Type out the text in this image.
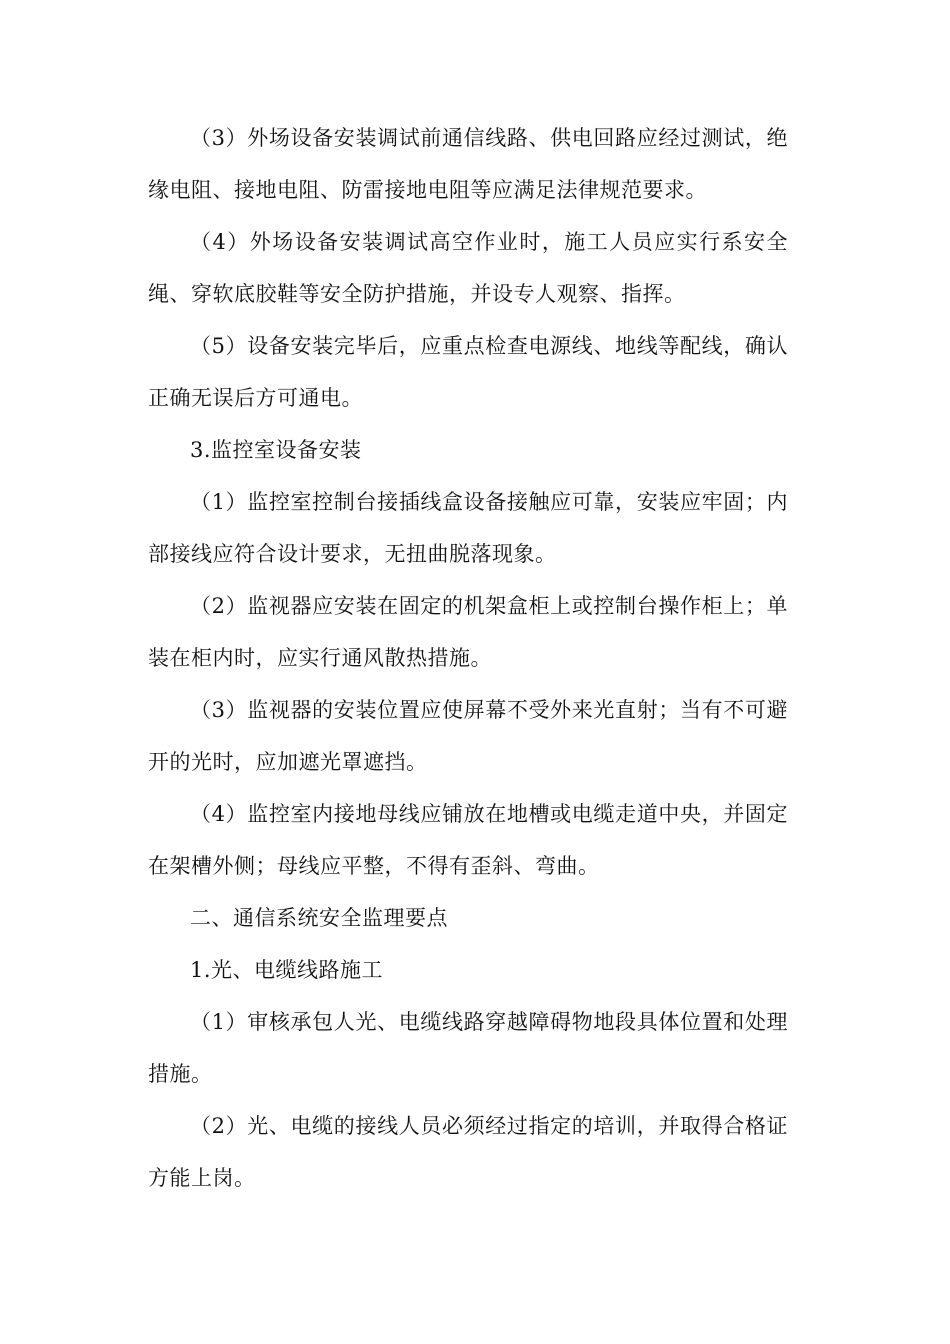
（3）外场设备安装调试前通信线路、供电回路应经过测试，绝缘电阻、接地电阻、防雷接地电阻等应满足法律规范要求。

（4）外场设备安装调试高空作业时，施工人员应实行系安全绳、穿软底胶鞋等安全防护措施，并设专人观察、指挥。

（5）设备安装完毕后，应重点检查电源线、地线等配线，确认正确无误后方可通电。

3.监控室设备安装

（1）监控室控制台接插线盒设备接触应可靠，安装应牢固；内部接线应符合设计要求，无扭曲脱落现象。

（2）监视器应安装在固定的机架盒柜上或控制台操作柜上；单装在柜内时，应实行通风散热措施。

（3）监视器的安装位置应使屏幕不受外来光直射；当有不可避开的光时，应加遮光罩遮挡。

（4）监控室内接地母线应铺放在地槽或电缆走道中央，并固定在架槽外侧；母线应平整，不得有歪斜、弯曲。

二、通信系统安全监理要点

1.光、电缆线路施工

（1）审核承包人光、电缆线路穿越障碍物地段具体位置和处理措施。

（2）光、电缆的接线人员必须经过指定的培训，并取得合格证方能上岗。
